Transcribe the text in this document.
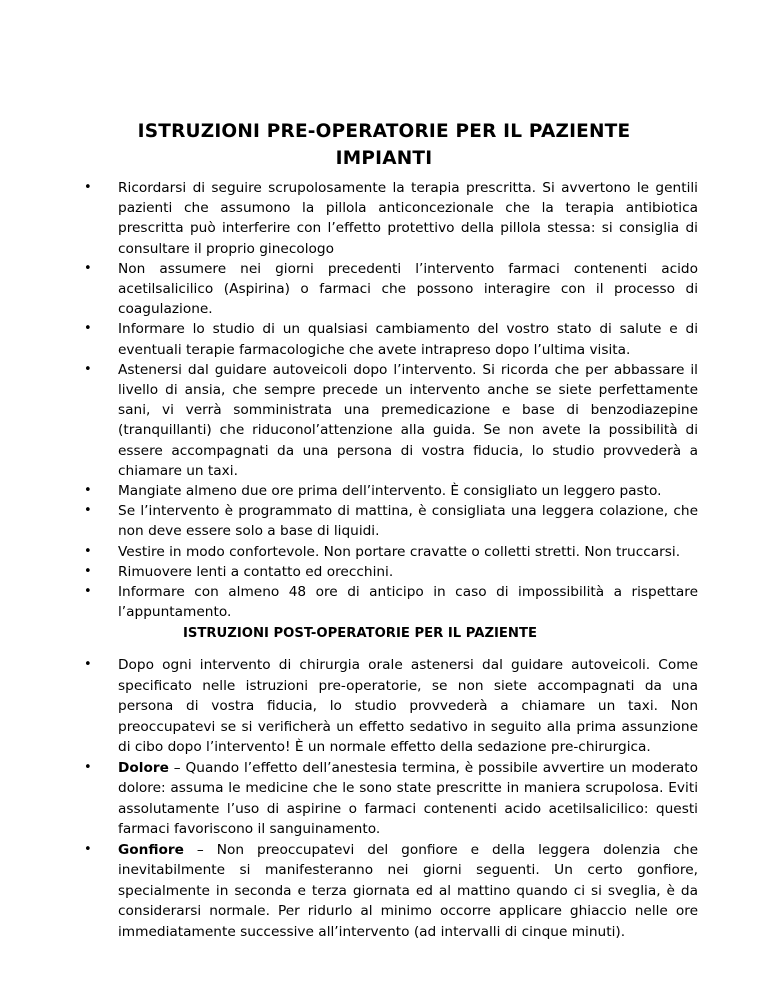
ISTRUZIONI PRE-OPERATORIE PER IL PAZIENTE
IMPIANTI
• Ricordarsi di seguire scrupolosamente la terapia prescritta. Si avvertono le gentili pazienti che assumono la pillola anticoncezionale che la terapia antibiotica prescritta può interferire con l’effetto protettivo della pillola stessa: si consiglia di consultare il proprio ginecologo
• Non assumere nei giorni precedenti l’intervento farmaci contenenti acido acetilsalicilico (Aspirina) o farmaci che possono interagire con il processo di coagulazione.
• Informare lo studio di un qualsiasi cambiamento del vostro stato di salute e di eventuali terapie farmacologiche che avete intrapreso dopo l’ultima visita.
• Astenersi dal guidare autoveicoli dopo l’intervento. Si ricorda che per abbassare il livello di ansia, che sempre precede un intervento anche se siete perfettamente sani, vi verrà somministrata una premedicazione e base di benzodiazepine (tranquillanti) che riduconol’attenzione alla guida. Se non avete la possibilità di essere accompagnati da una persona di vostra fiducia, lo studio provvederà a chiamare un taxi.
• Mangiate almeno due ore prima dell’intervento. È consigliato un leggero pasto.
• Se l’intervento è programmato di mattina, è consigliata una leggera colazione, che non deve essere solo a base di liquidi.
• Vestire in modo confortevole. Non portare cravatte o colletti stretti. Non truccarsi.
• Rimuovere lenti a contatto ed orecchini.
• Informare con almeno 48 ore di anticipo in caso di impossibilità a rispettare l’appuntamento.
ISTRUZIONI POST-OPERATORIE PER IL PAZIENTE
• Dopo ogni intervento di chirurgia orale astenersi dal guidare autoveicoli. Come specificato nelle istruzioni pre-operatorie, se non siete accompagnati da una persona di vostra fiducia, lo studio provvederà a chiamare un taxi. Non preoccupatevi se si verificherà un effetto sedativo in seguito alla prima assunzione di cibo dopo l’intervento! È un normale effetto della sedazione pre-chirurgica.
• Dolore – Quando l’effetto dell’anestesia termina, è possibile avvertire un moderato dolore: assuma le medicine che le sono state prescritte in maniera scrupolosa. Eviti assolutamente l’uso di aspirine o farmaci contenenti acido acetilsalicilico: questi farmaci favoriscono il sanguinamento.
• Gonfiore – Non preoccupatevi del gonfiore e della leggera dolenzia che inevitabilmente si manifesteranno nei giorni seguenti. Un certo gonfiore, specialmente in seconda e terza giornata ed al mattino quando ci si sveglia, è da considerarsi normale. Per ridurlo al minimo occorre applicare ghiaccio nelle ore immediatamente successive all’intervento (ad intervalli di cinque minuti).
